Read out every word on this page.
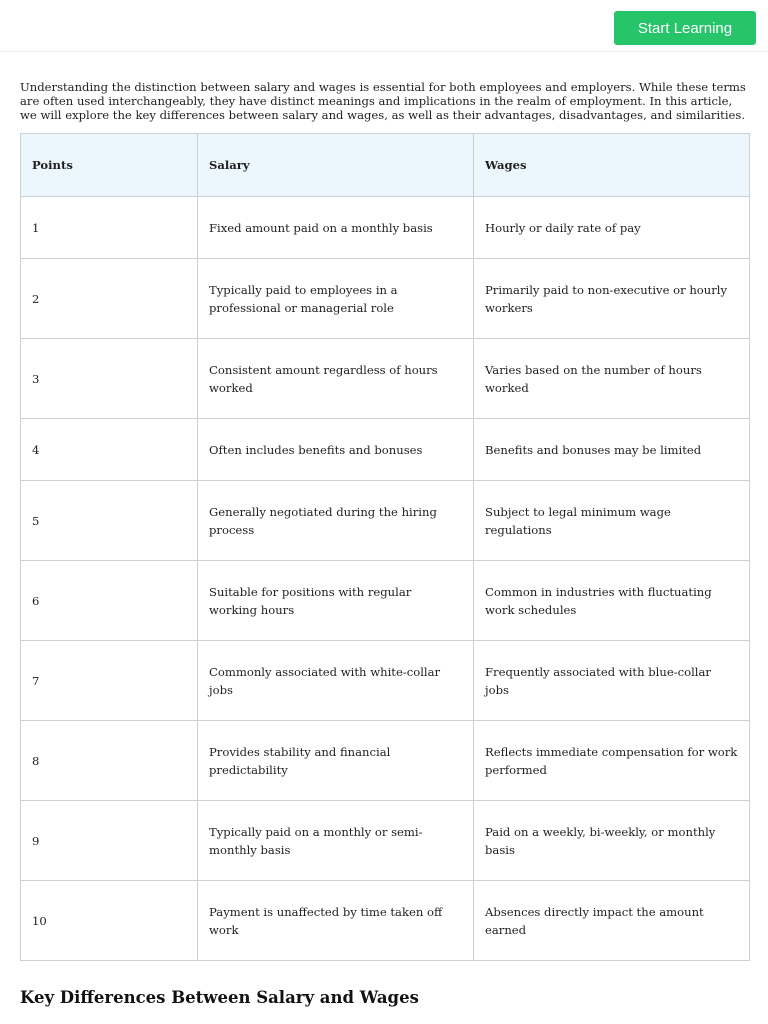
Start Learning

Understanding the distinction between salary and wages is essential for both employees and employers. While these terms are often used interchangeably, they have distinct meanings and implications in the realm of employment. In this article, we will explore the key differences between salary and wages, as well as their advantages, disadvantages, and similarities.

Points	Salary	Wages
1	Fixed amount paid on a monthly basis	Hourly or daily rate of pay
2	Typically paid to employees in a professional or managerial role	Primarily paid to non-executive or hourly workers
3	Consistent amount regardless of hours worked	Varies based on the number of hours worked
4	Often includes benefits and bonuses	Benefits and bonuses may be limited
5	Generally negotiated during the hiring process	Subject to legal minimum wage regulations
6	Suitable for positions with regular working hours	Common in industries with fluctuating work schedules
7	Commonly associated with white-collar jobs	Frequently associated with blue-collar jobs
8	Provides stability and financial predictability	Reflects immediate compensation for work performed
9	Typically paid on a monthly or semi-monthly basis	Paid on a weekly, bi-weekly, or monthly basis
10	Payment is unaffected by time taken off work	Absences directly impact the amount earned
Key Differences Between Salary and Wages
